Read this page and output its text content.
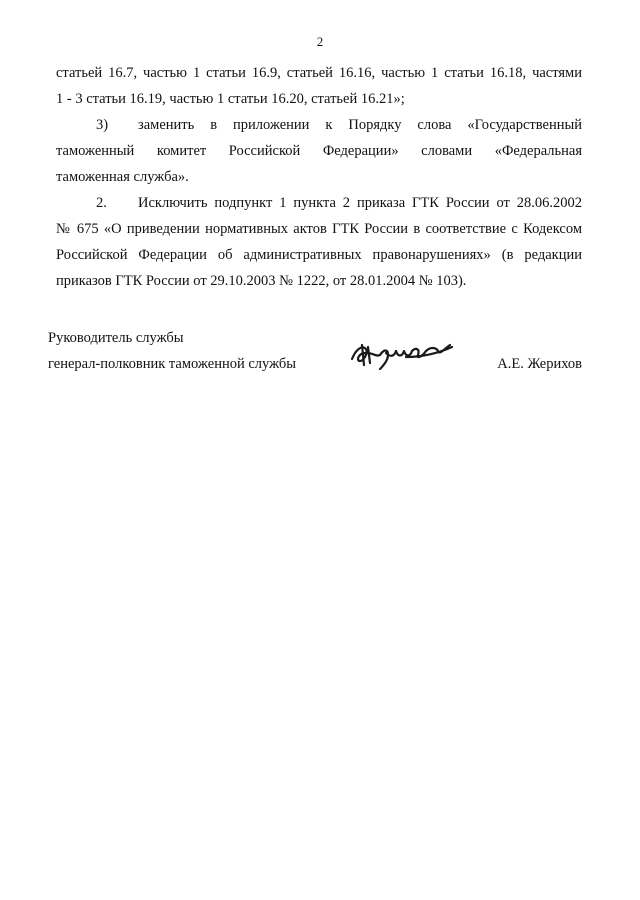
2

статьей 16.7, частью 1 статьи 16.9, статьей 16.16, частью 1 статьи 16.18, частями
1 - 3 статьи 16.19, частью 1 статьи 16.20, статьей 16.21»;

3) заменить в приложении к Порядку слова «Государственный
таможенный комитет Российской Федерации» словами «Федеральная
таможенная служба».

2. Исключить подпункт 1 пункта 2 приказа ГТК России от 28.06.2002
№ 675 «О приведении нормативных актов ГТК России в соответствие с Кодексом
Российской Федерации об административных правонарушениях» (в редакции
приказов ГТК России от 29.10.2003 № 1222, от 28.01.2004 № 103).

Руководитель службы
генерал-полковник таможенной службы	А.Е. Жерихов
